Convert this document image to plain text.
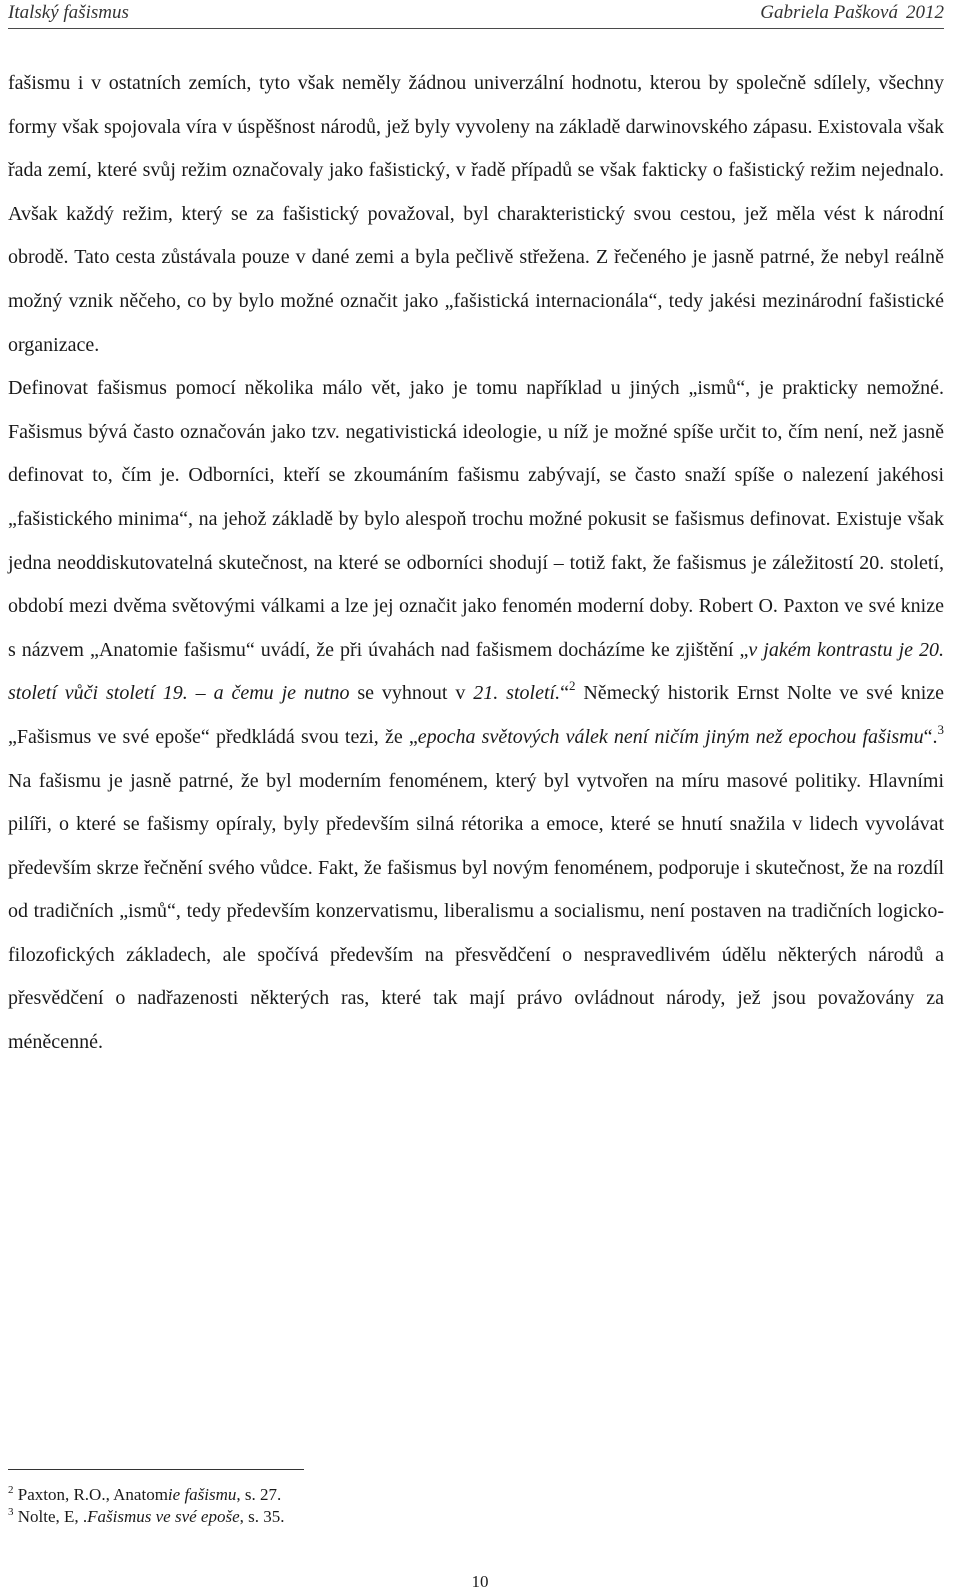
Italský fašismus	Gabriela Pašková 2012

fašismu i v ostatních zemích, tyto však neměly žádnou univerzální hodnotu, kterou by společně sdílely, všechny formy však spojovala víra v úspěšnost národů, jež byly vyvoleny na základě darwinovského zápasu. Existovala však řada zemí, které svůj režim označovaly jako fašistický, v řadě případů se však fakticky o fašistický režim nejednalo. Avšak každý režim, který se za fašistický považoval, byl charakteristický svou cestou, jež měla vést k národní obrodě. Tato cesta zůstávala pouze v dané zemi a byla pečlivě střežena. Z řečeného je jasně patrné, že nebyl reálně možný vznik něčeho, co by bylo možné označit jako „fašistická internacionála“, tedy jakési mezinárodní fašistické organizace.

Definovat fašismus pomocí několika málo vět, jako je tomu například u jiných „ismů“, je prakticky nemožné. Fašismus bývá často označován jako tzv. negativistická ideologie, u níž je možné spíše určit to, čím není, než jasně definovat to, čím je. Odborníci, kteří se zkoumáním fašismu zabývají, se často snaží spíše o nalezení jakéhosi „fašistického minima“, na jehož základě by bylo alespoň trochu možné pokusit se fašismus definovat. Existuje však jedna neoddiskutovatelná skutečnost, na které se odborníci shodují – totiž fakt, že fašismus je záležitostí 20. století, období mezi dvěma světovými válkami a lze jej označit jako fenomén moderní doby. Robert O. Paxton ve své knize s názvem „Anatomie fašismu“ uvádí, že při úvahách nad fašismem docházíme ke zjištění „v jakém kontrastu je 20. století vůči století 19. – a čemu je nutno se vyhnout v 21. století.“$^2$ Německý historik Ernst Nolte ve své knize „Fašismus ve své epoše“ předkládá svou tezi, že „epocha světových válek není ničím jiným než epochou fašismu“.$^3$ Na fašismu je jasně patrné, že byl moderním fenoménem, který byl vytvořen na míru masové politiky. Hlavními pilíři, o které se fašismy opíraly, byly především silná rétorika a emoce, které se hnutí snažila v lidech vyvolávat především skrze řečnění svého vůdce. Fakt, že fašismus byl novým fenoménem, podporuje i skutečnost, že na rozdíl od tradičních „ismů“, tedy především konzervatismu, liberalismu a socialismu, není postaven na tradičních logicko-filozofických základech, ale spočívá především na přesvědčení o nespravedlivém údělu některých národů a přesvědčení o nadřazenosti některých ras, které tak mají právo ovládnout národy, jež jsou považovány za méněcenné.

$^2$ Paxton, R.O., Anatomie fašismu, s. 27.
$^3$ Nolte, E, .Fašismus ve své epoše, s. 35.
10
